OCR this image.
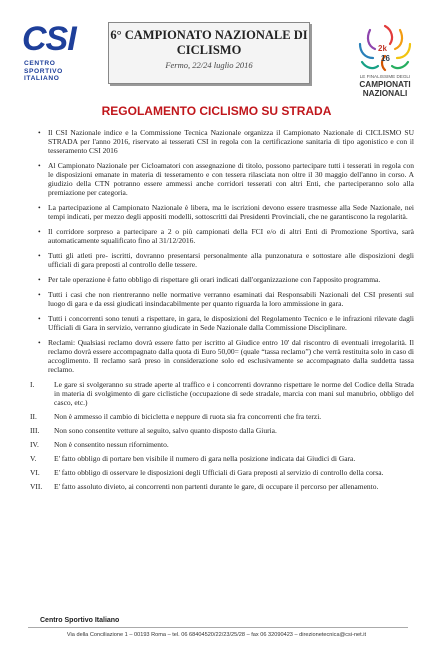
CSI
CENTRO
SPORTIVO
ITALIANO
6° CAMPIONATO NAZIONALE DI
CICLISMO
Fermo, 22/24 luglio 2016
2k
16
LE FINALISSIME DEGLI
CAMPIONATI NAZIONALI
REGOLAMENTO CICLISMO SU STRADA
• Il CSI Nazionale indice e la Commissione Tecnica Nazionale organizza il Campionato Nazionale di CICLISMO SU STRADA per l'anno 2016, riservato ai tesserati CSI in regola con la certificazione sanitaria di tipo agonistico e con il tesseramento CSI 2016
• Al Campionato Nazionale per Cicloamatori con assegnazione di titolo, possono partecipare tutti i tesserati in regola con le disposizioni emanate in materia di tesseramento e con tessera rilasciata non oltre il 30 maggio dell'anno in corso. A giudizio della CTN potranno essere ammessi anche corridori tesserati con altri Enti, che parteciperanno solo alla premiazione per categoria.
• La partecipazione al Campionato Nazionale è libera, ma le iscrizioni devono essere trasmesse alla Sede Nazionale, nei tempi indicati, per mezzo degli appositi modelli, sottoscritti dai Presidenti Provinciali, che ne garantiscono la regolarità.
• Il corridore sorpreso a partecipare a 2 o più campionati della FCI e/o di altri Enti di Promozione Sportiva, sarà automaticamente squalificato fino al 31/12/2016.
• Tutti gli atleti pre- iscritti, dovranno presentarsi personalmente alla punzonatura e sottostare alle disposizioni degli ufficiali di gara preposti al controllo delle tessere.
• Per tale operazione è fatto obbligo di rispettare gli orari indicati dall'organizzazione con l'apposito programma.
• Tutti i casi che non rientreranno nelle normative verranno esaminati dai Responsabili Nazionali del CSI presenti sul luogo di gara e da essi giudicati insindacabilmente per quanto riguarda la loro ammissione in gara.
• Tutti i concorrenti sono tenuti a rispettare, in gara, le disposizioni del Regolamento Tecnico e le infrazioni rilevate dagli Ufficiali di Gara in servizio, verranno giudicate in Sede Nazionale dalla Commissione Disciplinare.
• Reclami: Qualsiasi reclamo dovrà essere fatto per iscritto al Giudice entro 10' dal riscontro di eventuali irregolarità. Il reclamo dovrà essere accompagnato dalla quota di Euro 50,00= (quale “tassa reclamo”) che verrà restituita solo in caso di accoglimento. Il reclamo sarà preso in considerazione solo ed esclusivamente se accompagnato dalla suddetta tassa reclamo.
I.	Le gare si svolgeranno su strade aperte al traffico e i concorrenti dovranno rispettare le norme del Codice della Strada in materia di svolgimento di gare ciclistiche (occupazione di sede stradale, marcia con mani sul manubrio, obbligo del casco, etc.)
II.	Non è ammesso il cambio di bicicletta e neppure di ruota sia fra concorrenti che fra terzi.
III.	Non sono consentite vetture al seguito, salvo quanto disposto dalla Giuria.
IV.	Non è consentito nessun rifornimento.
V.	E' fatto obbligo di portare ben visibile il numero di gara nella posizione indicata dai Giudici di Gara.
VI.	E' fatto obbligo di osservare le disposizioni degli Ufficiali di Gara preposti al servizio di controllo della corsa.
VII.	E' fatto assoluto divieto, ai concorrenti non partenti durante le gare, di occupare il percorso per allenamento.
Centro Sportivo Italiano
Via della Conciliazione 1 – 00193 Roma – tel. 06 68404520/22/23/25/28 – fax 06 32090423 – direzionetecnica@csi-net.it
